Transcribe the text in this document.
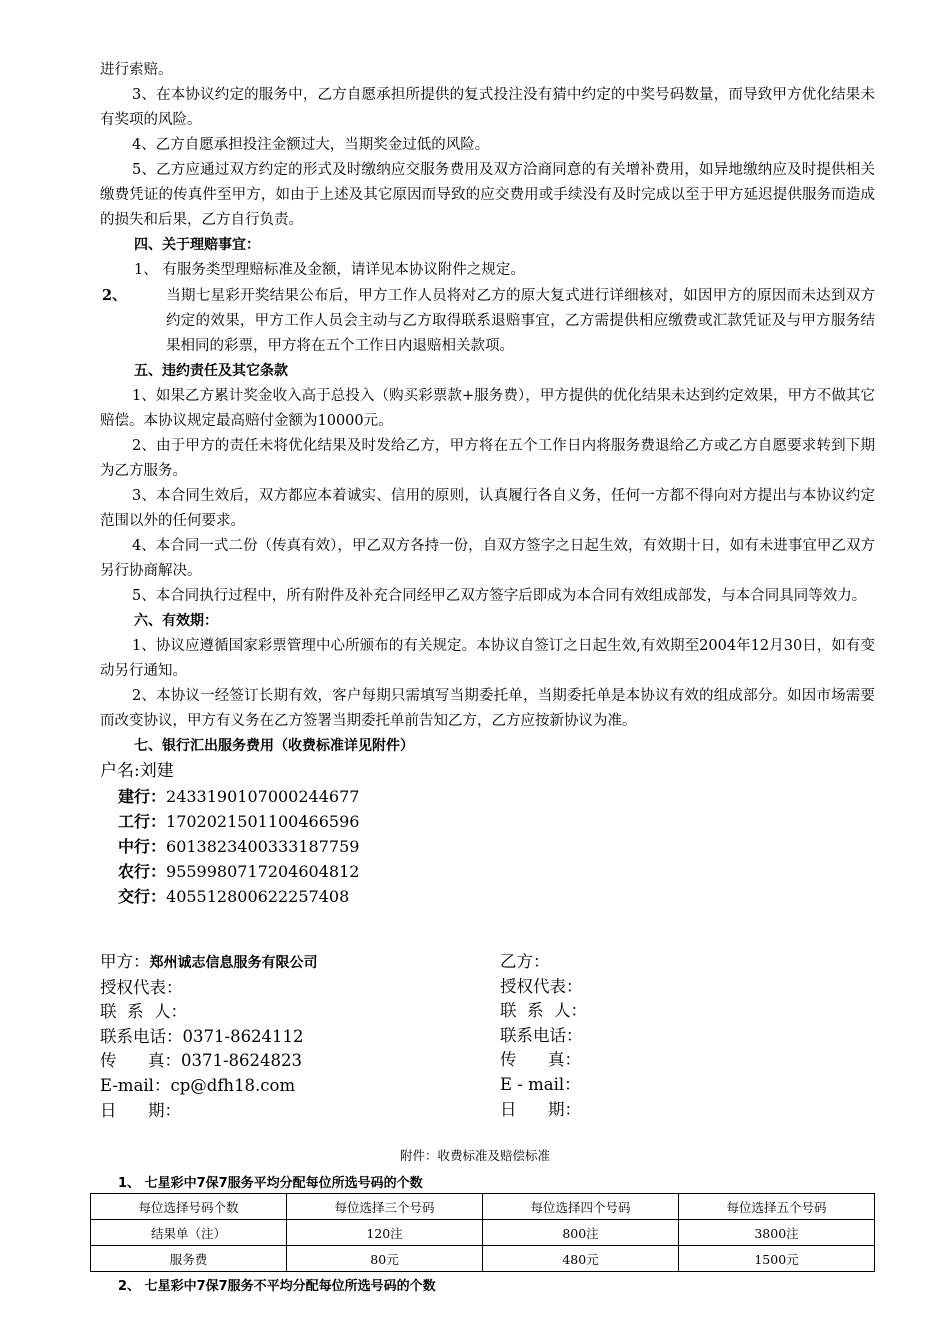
进行索赔。

3、在本协议约定的服务中，乙方自愿承担所提供的复式投注没有猜中约定的中奖号码数量，而导致甲方优化结果未有奖项的风险。

4、乙方自愿承担投注金额过大，当期奖金过低的风险。

5、乙方应通过双方约定的形式及时缴纳应交服务费用及双方洽商同意的有关增补费用，如异地缴纳应及时提供相关缴费凭证的传真件至甲方，如由于上述及其它原因而导致的应交费用或手续没有及时完成以至于甲方延迟提供服务而造成的损失和后果，乙方自行负责。

四、关于理赔事宜：

1、 有服务类型理赔标准及金额，请详见本协议附件之规定。

2、	当期七星彩开奖结果公布后，甲方工作人员将对乙方的原大复式进行详细核对，如因甲方的原因而未达到双方约定的效果，甲方工作人员会主动与乙方取得联系退赔事宜，乙方需提供相应缴费或汇款凭证及与甲方服务结果相同的彩票，甲方将在五个工作日内退赔相关款项。

五、违约责任及其它条款

1、如果乙方累计奖金收入高于总投入（购买彩票款+服务费），甲方提供的优化结果未达到约定效果，甲方不做其它赔偿。本协议规定最高赔付金额为10000元。

2、由于甲方的责任未将优化结果及时发给乙方，甲方将在五个工作日内将服务费退给乙方或乙方自愿要求转到下期为乙方服务。

3、本合同生效后，双方都应本着诚实、信用的原则，认真履行各自义务，任何一方都不得向对方提出与本协议约定范围以外的任何要求。

4、本合同一式二份（传真有效），甲乙双方各持一份，自双方签字之日起生效，有效期十日，如有未进事宜甲乙双方另行协商解决。

5、本合同执行过程中，所有附件及补充合同经甲乙双方签字后即成为本合同有效组成部发，与本合同具同等效力。

六、有效期：

1、协议应遵循国家彩票管理中心所颁布的有关规定。本协议自签订之日起生效,有效期至2004年12月30日，如有变动另行通知。

2、本协议一经签订长期有效，客户每期只需填写当期委托单，当期委托单是本协议有效的组成部分。如因市场需要而改变协议，甲方有义务在乙方签署当期委托单前告知乙方，乙方应按新协议为准。

七、银行汇出服务费用（收费标准详见附件）

户名:刘建

建行：2433190107000244677
工行：1702021501100466596
中行：6013823400333187759
农行：9559980717204604812
交行：405512800622257408
甲方：郑州诚志信息服务有限公司
授权代表：
联  系  人：
联系电话：0371-8624112
传      真：0371-8624823
E-mail：cp@dfh18.com
日      期：
乙方：
授权代表：
联  系  人：
联系电话：
传      真：
E - mail：
日      期：
附件：收费标准及赔偿标准
1、 七星彩中7保7服务平均分配每位所选号码的个数
每位选择号码个数	每位选择三个号码	每位选择四个号码	每位选择五个号码
结果单（注）	120注	800注	3800注
服务费	80元	480元	1500元
2、 七星彩中7保7服务不平均分配每位所选号码的个数
